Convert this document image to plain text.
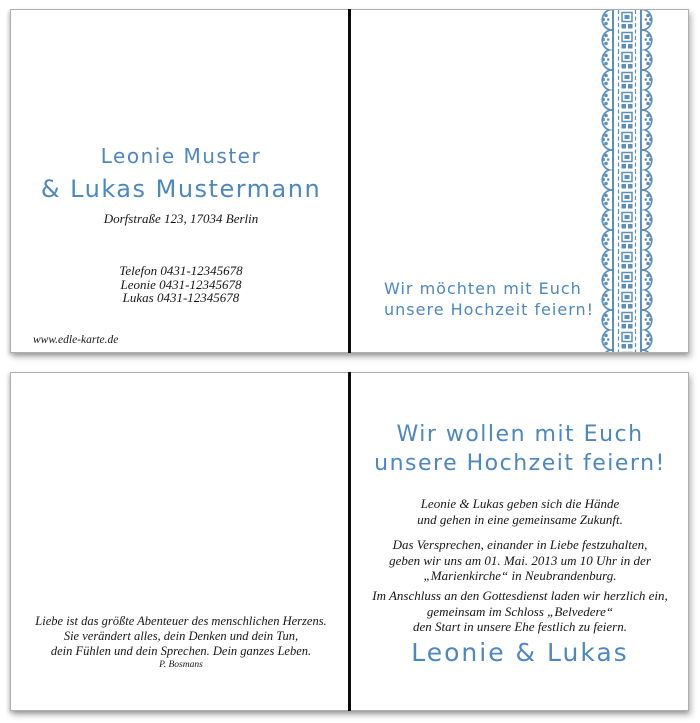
Leonie Muster
& Lukas Mustermann
Dorfstraße 123, 17034 Berlin
Telefon 0431-12345678
Leonie 0431-12345678
Lukas 0431-12345678
www.edle-karte.de
Wir möchten mit Euch
unsere Hochzeit feiern!
Liebe ist das größte Abenteuer des menschlichen Herzens.
Sie verändert alles, dein Denken und dein Tun,
dein Fühlen und dein Sprechen. Dein ganzes Leben.
P. Bosmans
Wir wollen mit Euch
unsere Hochzeit feiern!
Leonie & Lukas geben sich die Hände
und gehen in eine gemeinsame Zukunft.
Das Versprechen, einander in Liebe festzuhalten,
geben wir uns am 01. Mai. 2013 um 10 Uhr in der
„Marienkirche“ in Neubrandenburg.
Im Anschluss an den Gottesdienst laden wir herzlich ein,
gemeinsam im Schloss „Belvedere“
den Start in unsere Ehe festlich zu feiern.
Leonie & Lukas
